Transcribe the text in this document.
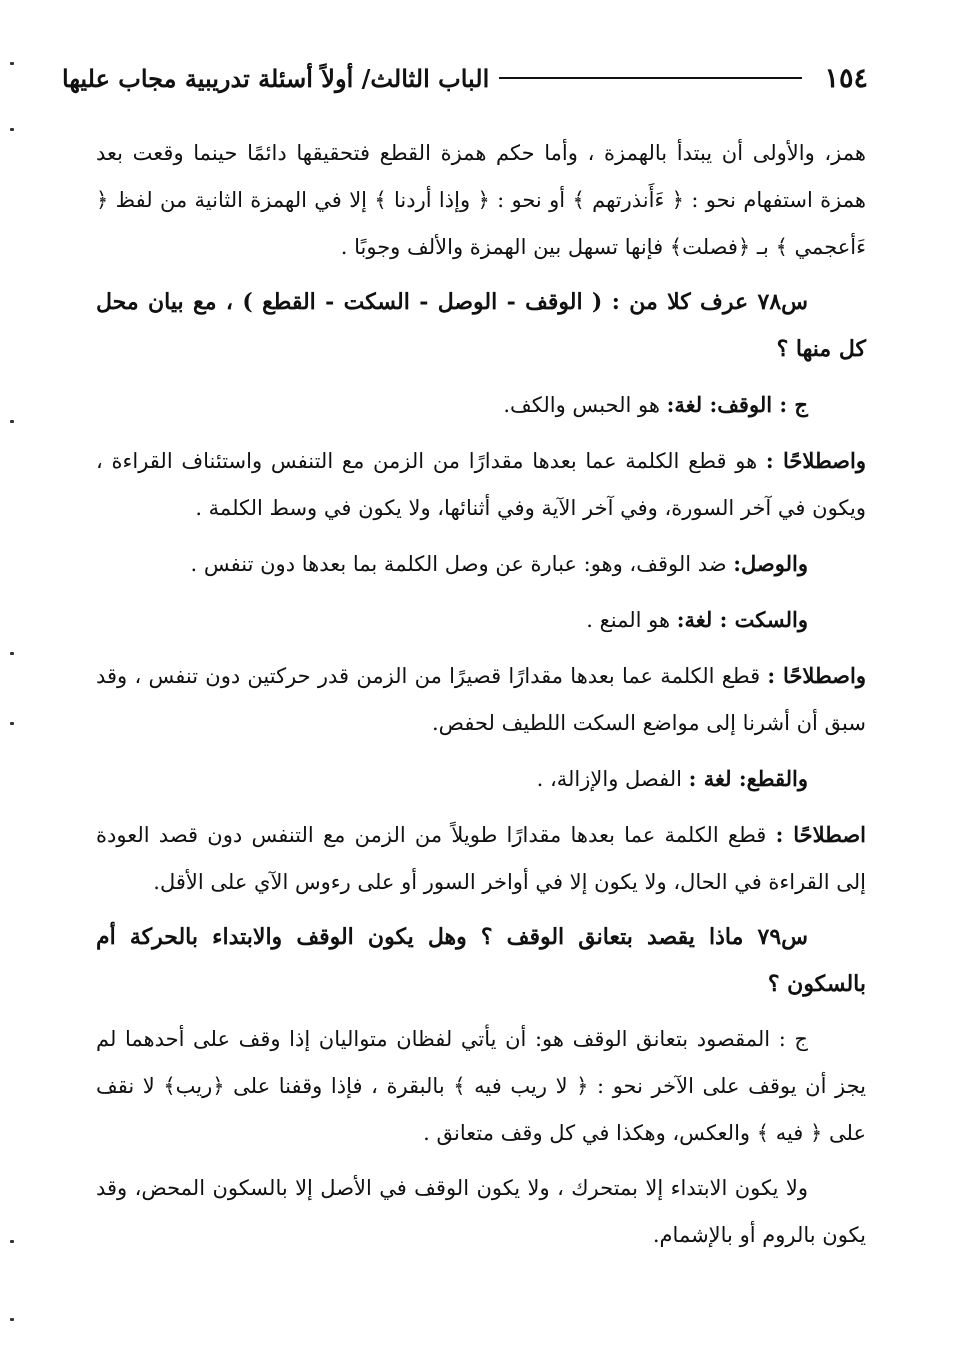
١٥٤
الباب الثالث/ أولاً أسئلة تدريبية مجاب عليها

همز، والأولى أن يبتدأ بالهمزة ، وأما حكم همزة القطع فتحقيقها دائمًا حينما وقعت بعد همزة استفهام نحو : ﴿ ءَأَنذرتهم ﴾ أو نحو : ﴿ وإذا أردنا ﴾ إلا في الهمزة الثانية من لفظ ﴿ ءَأعجمي ﴾ بـ ﴿فصلت﴾ فإنها تسهل بين الهمزة والألف وجوبًا .

س٧٨ عرف كلا من : ( الوقف - الوصل - السكت - القطع ) ، مع بيان محل كل منها ؟

ج : الوقف: لغة: هو الحبس والكف.

واصطلاحًا : هو قطع الكلمة عما بعدها مقدارًا من الزمن مع التنفس واستئناف القراءة ، ويكون في آخر السورة، وفي آخر الآية وفي أثنائها، ولا يكون في وسط الكلمة .

والوصل: ضد الوقف، وهو: عبارة عن وصل الكلمة بما بعدها دون تنفس .

والسكت : لغة: هو المنع .

واصطلاحًا : قطع الكلمة عما بعدها مقدارًا قصيرًا من الزمن قدر حركتين دون تنفس ، وقد سبق أن أشرنا إلى مواضع السكت اللطيف لحفص.

والقطع: لغة : الفصل والإزالة، .

اصطلاحًا : قطع الكلمة عما بعدها مقدارًا طويلاً من الزمن مع التنفس دون قصد العودة إلى القراءة في الحال، ولا يكون إلا في أواخر السور أو على رءوس الآي على الأقل.

س٧٩ ماذا يقصد بتعانق الوقف ؟ وهل يكون الوقف والابتداء بالحركة أم بالسكون ؟

ج : المقصود بتعانق الوقف هو: أن يأتي لفظان متواليان إذا وقف على أحدهما لم يجز أن يوقف على الآخر نحو : ﴿ لا ريب فيه ﴾ بالبقرة ، فإذا وقفنا على ﴿ريب﴾ لا نقف على ﴿ فيه ﴾ والعكس، وهكذا في كل وقف متعانق .

ولا يكون الابتداء إلا بمتحرك ، ولا يكون الوقف في الأصل إلا بالسكون المحض، وقد يكون بالروم أو بالإشمام.
